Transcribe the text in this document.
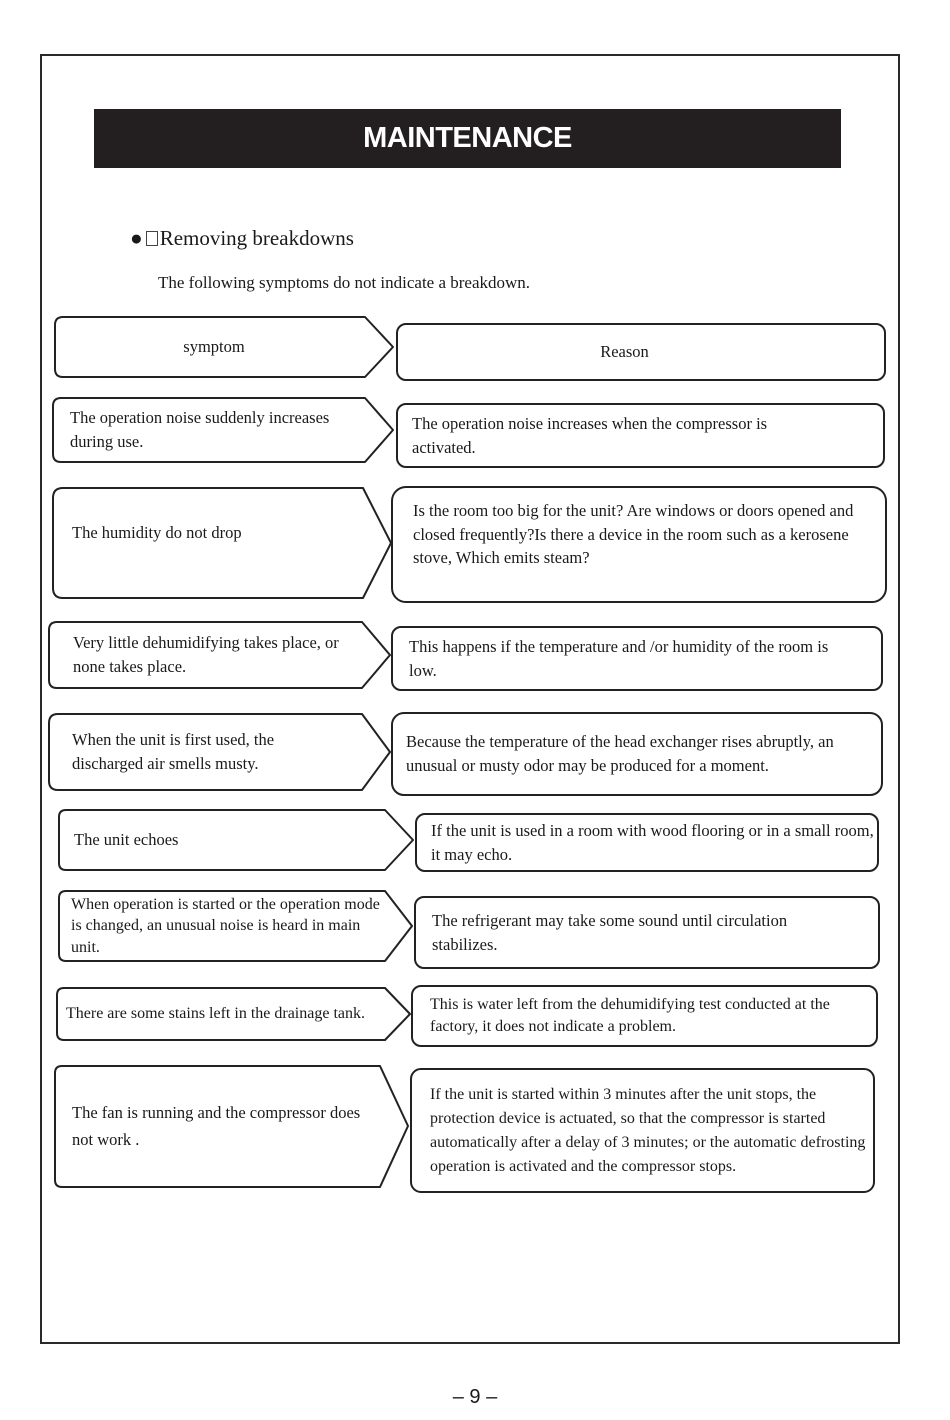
MAINTENANCE
● Removing breakdowns
The following symptoms do not indicate a breakdown.
symptom	Reason
The operation noise suddenly increases during use.
The operation noise increases when the compressor is activated.
The humidity do not drop
Is the room too big for the unit? Are windows or doors opened and closed frequently?Is there a device in the room such as a kerosene stove, Which emits steam?
Very little dehumidifying takes place, or none takes place.
This happens if the temperature and /or humidity of the room is low.
When the unit is first used, the discharged air smells musty.
Because the temperature of the head exchanger rises abruptly, an unusual or musty odor may be produced for a moment.
The unit echoes	If the unit is used in a room with wood flooring or in a small room, it may echo.
When operation is started or the operation mode is changed, an unusual noise is heard in main unit.
The refrigerant may take some sound until circulation stabilizes.
There are some stains left in the drainage tank.
This is water left from the dehumidifying test conducted at the factory, it does not indicate a problem.
The fan is running and the compressor does not work .
If the unit is started within 3 minutes after the unit stops, the protection device is actuated, so that the compressor is started automatically after a delay of 3 minutes; or the automatic defrosting operation is activated and the compressor stops.
– 9 –
